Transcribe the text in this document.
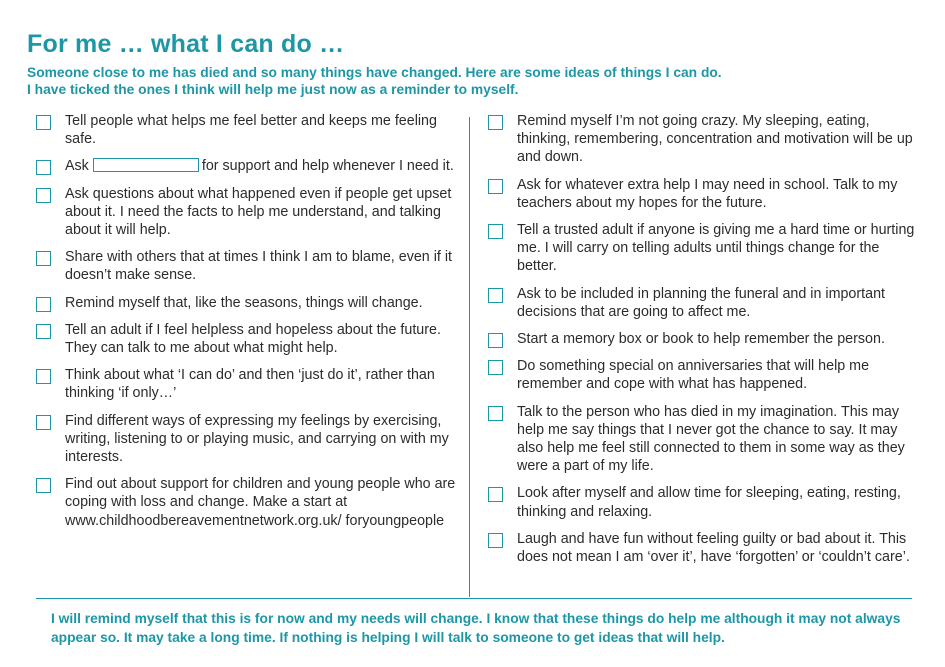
For me … what I can do …
Someone close to me has died and so many things have changed. Here are some ideas of things I can do.
I have ticked the ones I think will help me just now as a reminder to myself.
Tell people what helps me feel better and keeps me feeling safe.
Ask	for support and help whenever I need it.
Ask questions about what happened even if people get upset about it. I need the facts to help me understand, and talking about it will help.
Share with others that at times I think I am to blame, even if it doesn’t make sense.
Remind myself that, like the seasons, things will change.
Tell an adult if I feel helpless and hopeless about the future. They can talk to me about what might help.
Think about what ‘I can do’ and then ‘just do it’, rather than thinking ‘if only…’
Find different ways of expressing my feelings by exercising, writing, listening to or playing music, and carrying on with my interests.
Find out about support for children and young people who are coping with loss and change. Make a start at www.childhoodbereavementnetwork.org.uk/ foryoungpeople
Remind myself I’m not going crazy. My sleeping, eating, thinking, remembering, concentration and motivation will be up and down.
Ask for whatever extra help I may need in school. Talk to my teachers about my hopes for the future.
Tell a trusted adult if anyone is giving me a hard time or hurting me. I will carry on telling adults until things change for the better.
Ask to be included in planning the funeral and in important decisions that are going to affect me.
Start a memory box or book to help remember the person.
Do something special on anniversaries that will help me remember and cope with what has happened.
Talk to the person who has died in my imagination. This may help me say things that I never got the chance to say. It may also help me feel still connected to them in some way as they were a part of my life.
Look after myself and allow time for sleeping, eating, resting, thinking and relaxing.
Laugh and have fun without feeling guilty or bad about it. This does not mean I am ‘over it’, have ‘forgotten’ or ‘couldn’t care’.
I will remind myself that this is for now and my needs will change. I know that these things do help me although it may not always appear so. It may take a long time. If nothing is helping I will talk to someone to get ideas that will help.
